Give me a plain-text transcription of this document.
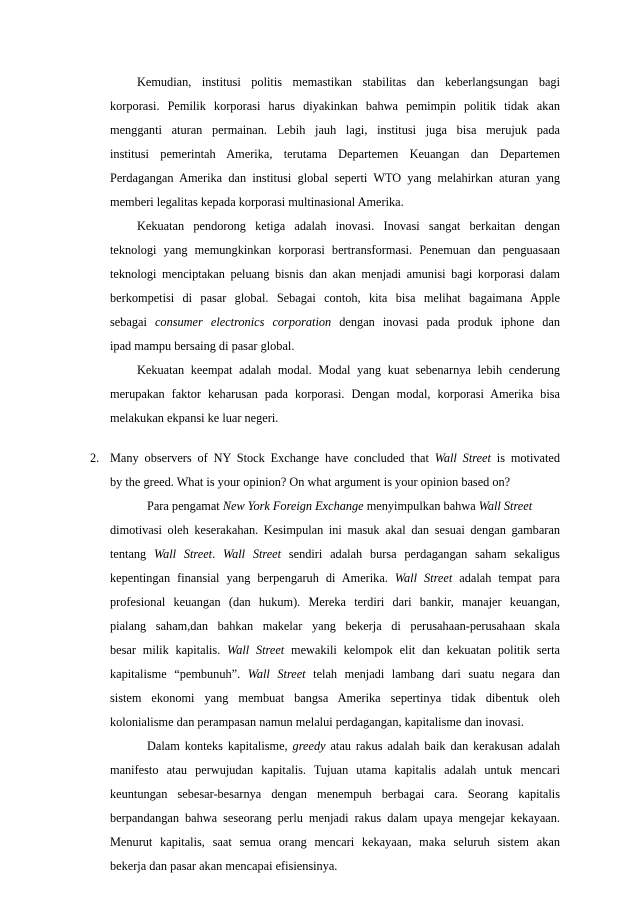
Kemudian, institusi politis memastikan stabilitas dan keberlangsungan bagi
korporasi. Pemilik korporasi harus diyakinkan bahwa pemimpin politik tidak akan
mengganti aturan permainan. Lebih jauh lagi, institusi juga bisa merujuk pada
institusi pemerintah Amerika, terutama Departemen Keuangan dan Departemen
Perdagangan Amerika dan institusi global seperti WTO yang melahirkan aturan yang
memberi legalitas kepada korporasi multinasional Amerika.
Kekuatan pendorong ketiga adalah inovasi. Inovasi sangat berkaitan dengan
teknologi yang memungkinkan korporasi bertransformasi. Penemuan dan penguasaan
teknologi menciptakan peluang bisnis dan akan menjadi amunisi bagi korporasi dalam
berkompetisi di pasar global. Sebagai contoh, kita bisa melihat bagaimana Apple
sebagai consumer electronics corporation dengan inovasi pada produk iphone dan
ipad mampu bersaing di pasar global.
Kekuatan keempat adalah modal. Modal yang kuat sebenarnya lebih cenderung
merupakan faktor keharusan pada korporasi. Dengan modal, korporasi Amerika bisa
melakukan ekpansi ke luar negeri.
2. Many observers of NY Stock Exchange have concluded that Wall Street is motivated
by the greed. What is your opinion? On what argument is your opinion based on?
Para pengamat New York Foreign Exchange menyimpulkan bahwa Wall Street
dimotivasi oleh keserakahan. Kesimpulan ini masuk akal dan sesuai dengan gambaran
tentang Wall Street. Wall Street sendiri adalah bursa perdagangan saham sekaligus
kepentingan finansial yang berpengaruh di Amerika. Wall Street adalah tempat para
profesional keuangan (dan hukum). Mereka terdiri dari bankir, manajer keuangan,
pialang saham,dan bahkan makelar yang bekerja di perusahaan-perusahaan skala
besar milik kapitalis. Wall Street mewakili kelompok elit dan kekuatan politik serta
kapitalisme “pembunuh”. Wall Street telah menjadi lambang dari suatu negara dan
sistem ekonomi yang membuat bangsa Amerika sepertinya tidak dibentuk oleh
kolonialisme dan perampasan namun melalui perdagangan, kapitalisme dan inovasi.
Dalam konteks kapitalisme, greedy atau rakus adalah baik dan kerakusan adalah
manifesto atau perwujudan kapitalis. Tujuan utama kapitalis adalah untuk mencari
keuntungan sebesar-besarnya dengan menempuh berbagai cara. Seorang kapitalis
berpandangan bahwa seseorang perlu menjadi rakus dalam upaya mengejar kekayaan.
Menurut kapitalis, saat semua orang mencari kekayaan, maka seluruh sistem akan
bekerja dan pasar akan mencapai efisiensinya.
